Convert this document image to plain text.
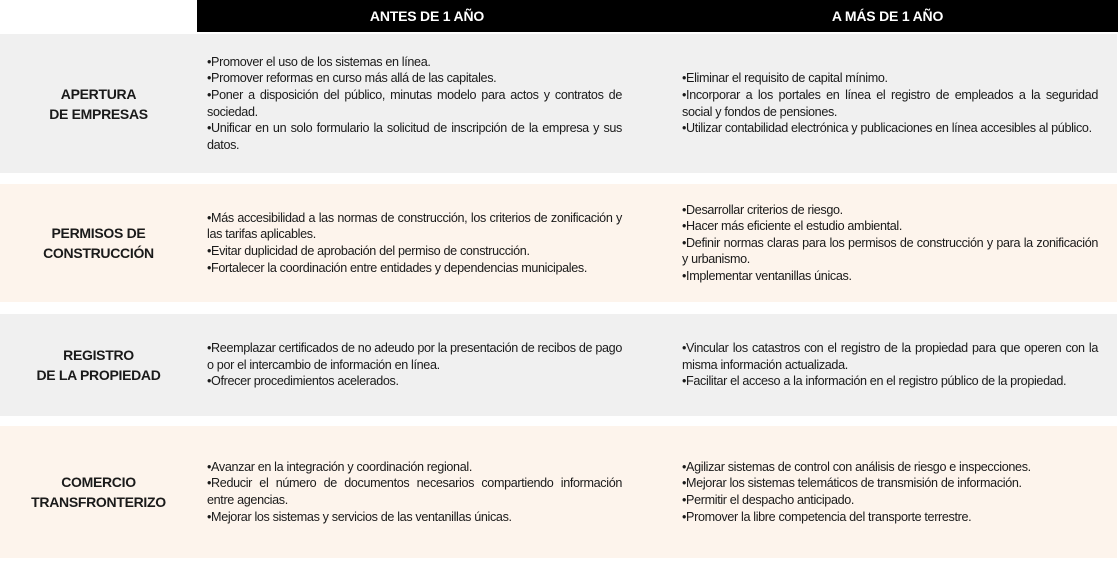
ANTES DE 1 AÑO	A MÁS DE 1 AÑO
APERTURA
DE EMPRESAS

•Promover el uso de los sistemas en línea.

•Promover reformas en curso más allá de las capitales.

•Poner a disposición del público, minutas modelo para actos y contratos de sociedad.

•Unificar en un solo formulario la solicitud de inscripción de la empresa y sus datos.

•Eliminar el requisito de capital mínimo.

•Incorporar a los portales en línea el registro de empleados a la seguridad social y fondos de pensiones.

•Utilizar contabilidad electrónica y publicaciones en línea accesibles al público.

PERMISOS DE
CONSTRUCCIÓN

•Más accesibilidad a las normas de construcción, los criterios de zonificación y las tarifas aplicables.

•Evitar duplicidad de aprobación del permiso de construcción.

•Fortalecer la coordinación entre entidades y dependencias municipales.

•Desarrollar criterios de riesgo.

•Hacer más eficiente el estudio ambiental.

•Definir normas claras para los permisos de construcción y para la zonificación y urbanismo.

•Implementar ventanillas únicas.

REGISTRO
DE LA PROPIEDAD

•Reemplazar certificados de no adeudo por la presentación de recibos de pago o por el intercambio de información en línea.

•Ofrecer procedimientos acelerados.

•Vincular los catastros con el registro de la propiedad para que operen con la misma información actualizada.

•Facilitar el acceso a la información en el registro público de la propiedad.

COMERCIO
TRANSFRONTERIZO

•Avanzar en la integración y coordinación regional.

•Reducir el número de documentos necesarios compartiendo información entre agencias.

•Mejorar los sistemas y servicios de las ventanillas únicas.

•Agilizar sistemas de control con análisis de riesgo e inspecciones.

•Mejorar los sistemas telemáticos de transmisión de información.

•Permitir el despacho anticipado.

•Promover la libre competencia del transporte terrestre.
